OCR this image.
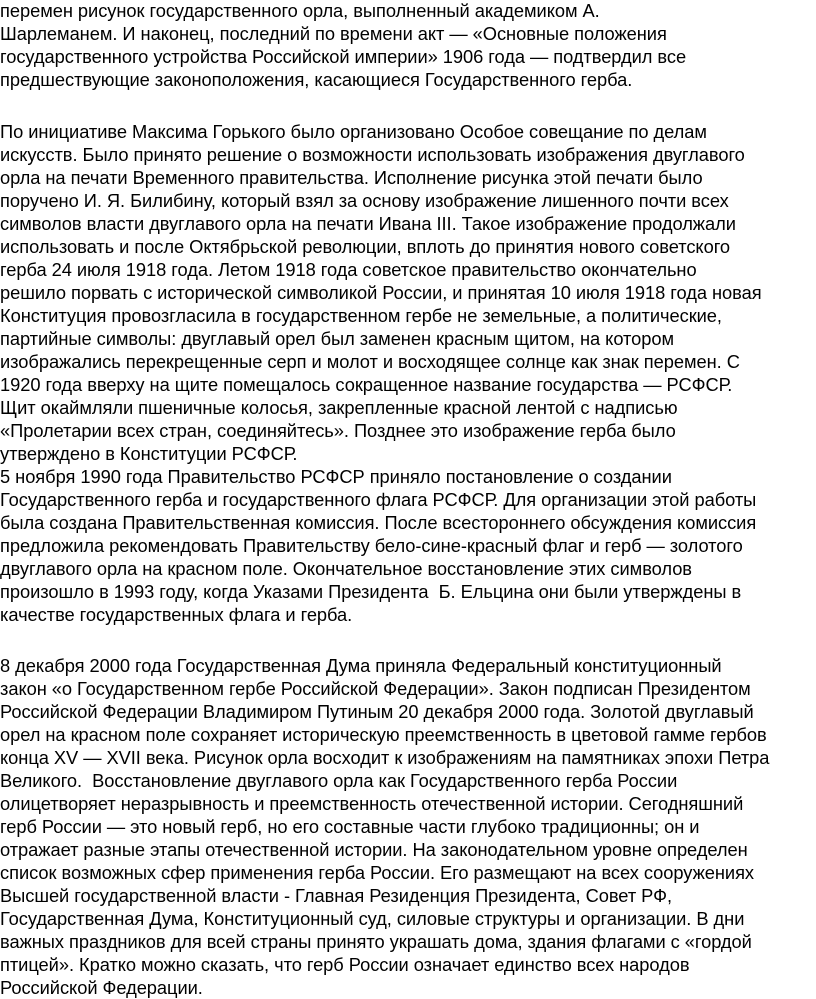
перемен рисунок государственного орла, выполненный академиком А.

Шарлеманем. И наконец, последний по времени акт — «Основные положения

государственного устройства Российской империи» 1906 года — подтвердил все

предшествующие законоположения, касающиеся Государственного герба.

По инициативе Максима Горького было организовано Особое совещание по делам

искусств. Было принято решение о возможности использовать изображения двуглавого

орла на печати Временного правительства. Исполнение рисунка этой печати было

поручено И. Я. Билибину, который взял за основу изображение лишенного почти всех

символов власти двуглавого орла на печати Ивана III. Такое изображение продолжали

использовать и после Октябрьской революции, вплоть до принятия нового советского

герба 24 июля 1918 года. Летом 1918 года советское правительство окончательно

решило порвать с исторической символикой России, и принятая 10 июля 1918 года новая

Конституция провозгласила в государственном гербе не земельные, а политические,

партийные символы: двуглавый орел был заменен красным щитом, на котором

изображались перекрещенные серп и молот и восходящее солнце как знак перемен. С

1920 года вверху на щите помещалось сокращенное название государства — РСФСР.

Щит окаймляли пшеничные колосья, закрепленные красной лентой с надписью

«Пролетарии всех стран, соединяйтесь». Позднее это изображение герба было

утверждено в Конституции РСФСР.

5 ноября 1990 года Правительство РСФСР приняло постановление о создании

Государственного герба и государственного флага РСФСР. Для организации этой работы

была создана Правительственная комиссия. После всестороннего обсуждения комиссия

предложила рекомендовать Правительству бело-сине-красный флаг и герб — золотого

двуглавого орла на красном поле. Окончательное восстановление этих символов

произошло в 1993 году, когда Указами Президента  Б. Ельцина они были утверждены в

качестве государственных флага и герба.

8 декабря 2000 года Государственная Дума приняла Федеральный конституционный

закон «о Государственном гербе Российской Федерации». Закон подписан Президентом

Российской Федерации Владимиром Путиным 20 декабря 2000 года. Золотой двуглавый

орел на красном поле сохраняет историческую преемственность в цветовой гамме гербов

конца XV — XVII века. Рисунок орла восходит к изображениям на памятниках эпохи Петра

Великого.  Восстановление двуглавого орла как Государственного герба России

олицетворяет неразрывность и преемственность отечественной истории. Сегодняшний

герб России — это новый герб, но его составные части глубоко традиционны; он и

отражает разные этапы отечественной истории. На законодательном уровне определен

список возможных сфер применения герба России. Его размещают на всех сооружениях

Высшей государственной власти - Главная Резиденция Президента, Совет РФ,

Государственная Дума, Конституционный суд, силовые структуры и организации. В дни

важных праздников для всей страны принято украшать дома, здания флагами с «гордой

птицей». Кратко можно сказать, что герб России означает единство всех народов

Российской Федерации.
